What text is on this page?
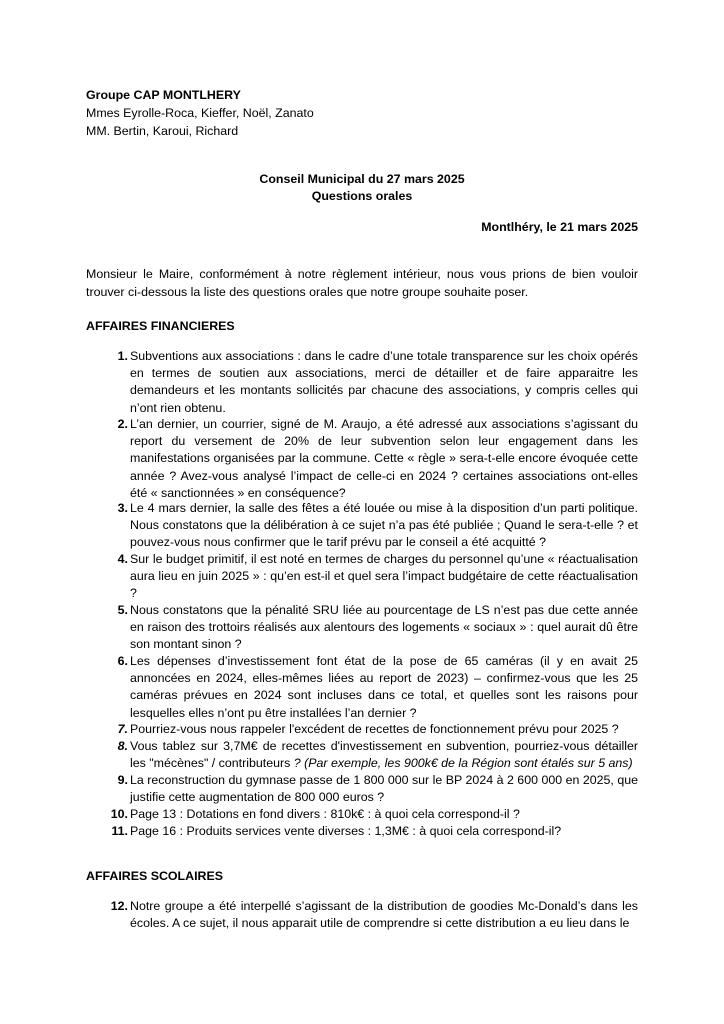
Groupe CAP MONTLHERY
Mmes Eyrolle-Roca, Kieffer, Noël, Zanato
MM. Bertin, Karoui, Richard
Conseil Municipal du 27 mars 2025
Questions orales
Montlhéry, le 21 mars 2025
Monsieur le Maire, conformément à notre règlement intérieur, nous vous prions de bien vouloir trouver ci-dessous la liste des questions orales que notre groupe souhaite poser.
AFFAIRES FINANCIERES
1. Subventions aux associations : dans le cadre d’une totale transparence sur les choix opérés en termes de soutien aux associations, merci de détailler et de faire apparaitre les demandeurs et les montants sollicités par chacune des associations, y compris celles qui n’ont rien obtenu.
2. L’an dernier, un courrier, signé de M. Araujo, a été adressé aux associations s’agissant du report du versement de 20% de leur subvention selon leur engagement dans les manifestations organisées par la commune. Cette « règle » sera-t-elle encore évoquée cette année ? Avez-vous analysé l’impact de celle-ci en 2024 ? certaines associations ont-elles été « sanctionnées » en conséquence?
3. Le 4 mars dernier, la salle des fêtes a été louée ou mise à la disposition d’un parti politique. Nous constatons que la délibération à ce sujet n’a pas été publiée ; Quand le sera-t-elle ? et pouvez-vous nous confirmer que le tarif prévu par le conseil a été acquitté ?
4. Sur le budget primitif, il est noté en termes de charges du personnel qu’une « réactualisation aura lieu en juin 2025 » : qu’en est-il et quel sera l’impact budgétaire de cette réactualisation ?
5. Nous constatons que la pénalité SRU liée au pourcentage de LS n’est pas due cette année en raison des trottoirs réalisés aux alentours des logements « sociaux » : quel aurait dû être son montant sinon ?
6. Les dépenses d’investissement font état de la pose de 65 caméras (il y en avait 25 annoncées en 2024, elles-mêmes liées au report de 2023) – confirmez-vous que les 25 caméras prévues en 2024 sont incluses dans ce total, et quelles sont les raisons pour lesquelles elles n’ont pu être installées l’an dernier ?
7. Pourriez-vous nous rappeler l'excédent de recettes de fonctionnement prévu pour 2025 ?
8. Vous tablez sur 3,7M€ de recettes d'investissement en subvention, pourriez-vous détailler les "mécènes" / contributeurs ? (Par exemple, les 900k€ de la Région sont étalés sur 5 ans)
9. La reconstruction du gymnase passe de 1 800 000 sur le BP 2024 à 2 600 000 en 2025, que justifie cette augmentation de 800 000 euros ?
10. Page 13 : Dotations en fond divers : 810k€ : à quoi cela correspond-il ?
11. Page 16 : Produits services vente diverses : 1,3M€ : à quoi cela correspond-il?
AFFAIRES SCOLAIRES
12. Notre groupe a été interpellé s’agissant de la distribution de goodies Mc-Donald’s dans les écoles. A ce sujet, il nous apparait utile de comprendre si cette distribution a eu lieu dans le
